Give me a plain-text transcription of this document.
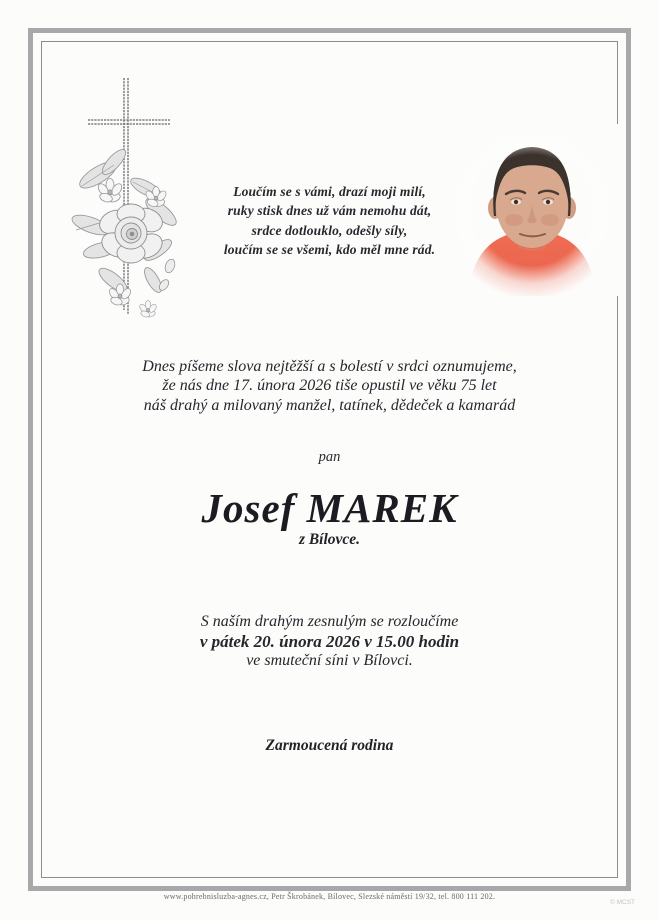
Loučím se s vámi, drazí moji milí,
ruky stisk dnes už vám nemohu dát,
srdce dotlouklo, odešly síly,
loučím se se všemi, kdo měl mne rád.
Dnes píšeme slova nejtěžší a s bolestí v srdci oznumujeme,
že nás dne 17. února 2026 tiše opustil ve věku 75 let
náš drahý a milovaný manžel, tatínek, dědeček a kamarád
pan
Josef MAREK
z Bílovce.
S naším drahým zesnulým se rozloučíme
v pátek 20. února 2026 v 15.00 hodin
ve smuteční síni v Bílovci.
Zarmoucená rodina
www.pohrebnisluzba-agnes.cz, Petr Škrobánek, Bílovec, Slezské náměstí 19/32, tel. 800 111 202.
© MCST
